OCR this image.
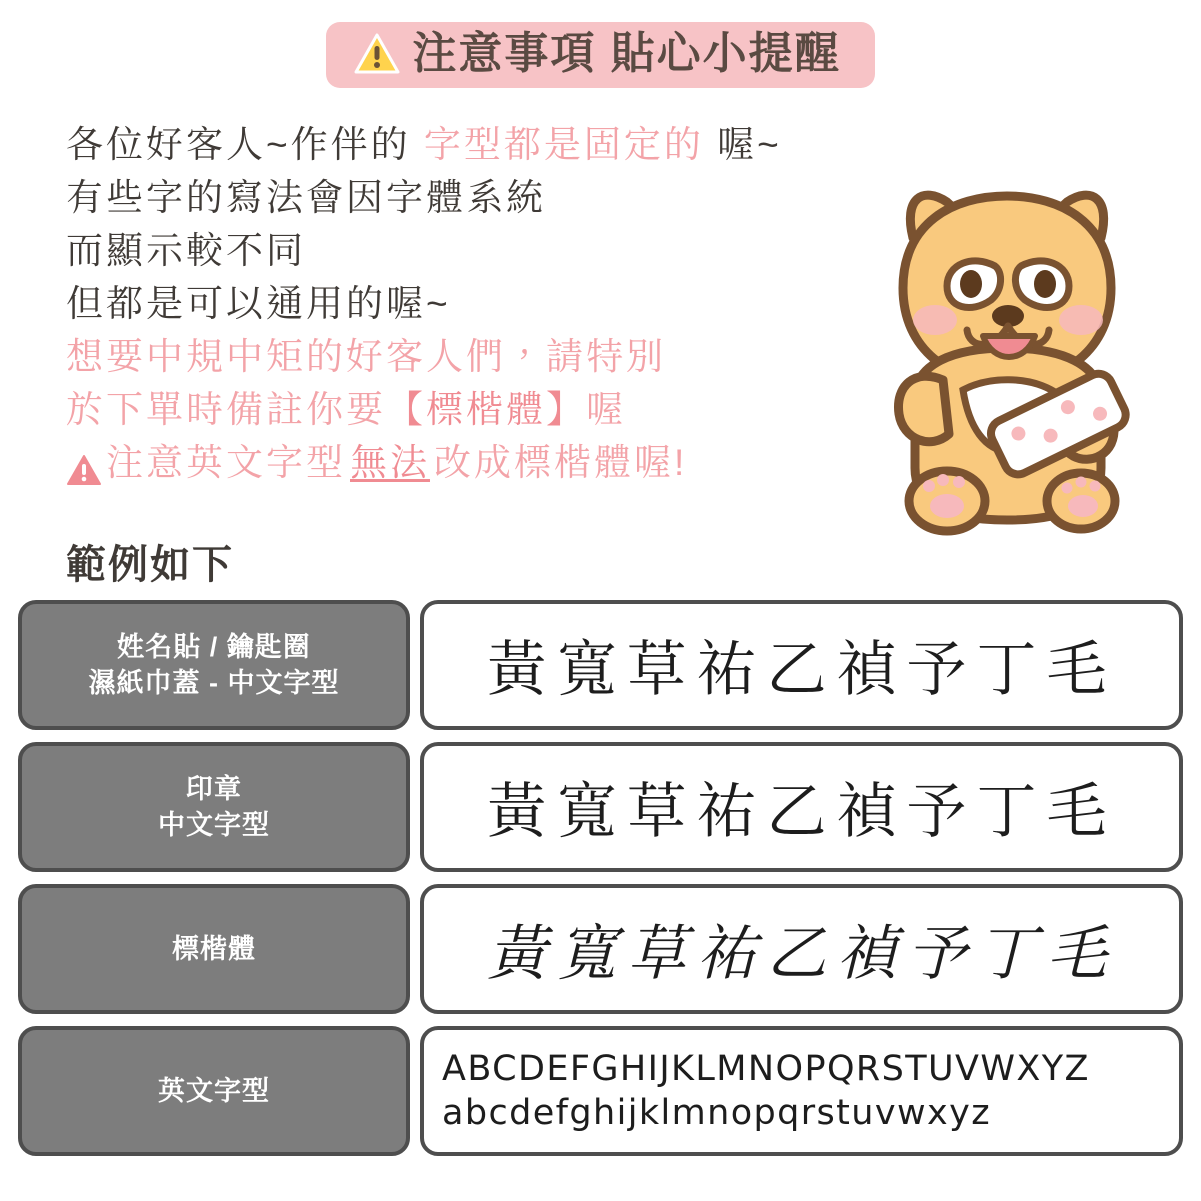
注意事項 貼心小提醒
各位好客人~作伴的 字型都是固定的 喔~
有些字的寫法會因字體系統
而顯示較不同
但都是可以通用的喔~
想要中規中矩的好客人們，請特別
於下單時備註你要【標楷體】喔
注意英文字型 無法 改成標楷體喔!
範例如下
姓名貼 / 鑰匙圈
濕紙巾蓋 - 中文字型 黃寬草祐乙禎予丁毛
印章
中文字型	黃寬草祐乙禎予丁毛
標楷體	黃寬草祐乙禎予丁毛
英文字型
ABCDEFGHIJKLMNOPQRSTUVWXYZ
abcdefghijklmnopqrstuvwxyz
